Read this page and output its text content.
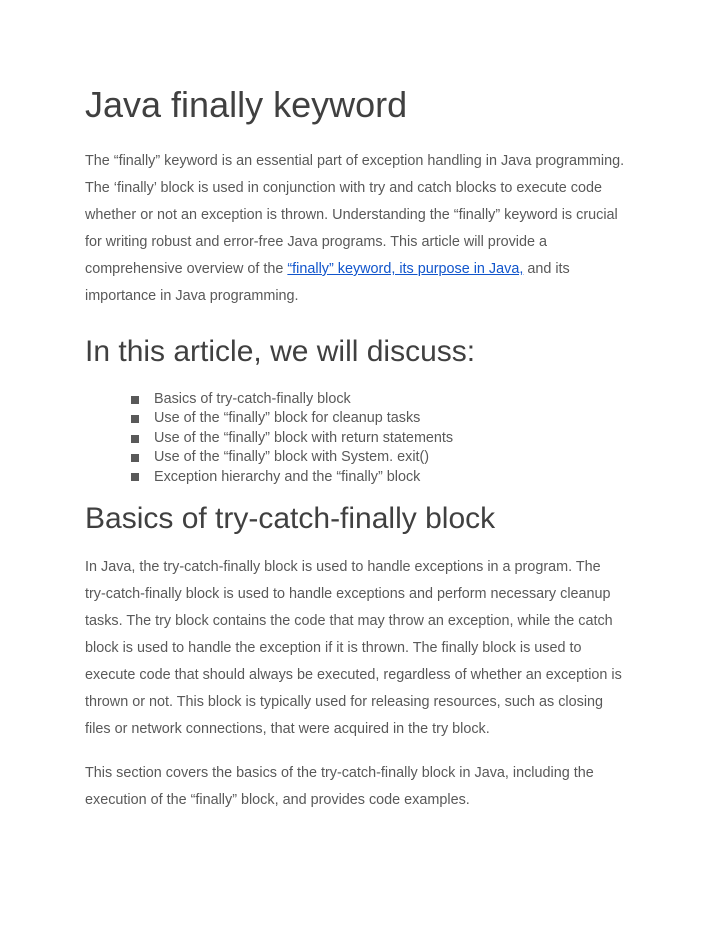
Java finally keyword

The “finally” keyword is an essential part of exception handling in Java programming.
The ‘finally’ block is used in conjunction with try and catch blocks to execute code
whether or not an exception is thrown. Understanding the “finally” keyword is crucial
for writing robust and error-free Java programs. This article will provide a
comprehensive overview of the “finally” keyword, its purpose in Java, and its
importance in Java programming.

In this article, we will discuss:
Basics of try-catch-finally block
Use of the “finally” block for cleanup tasks
Use of the “finally” block with return statements
Use of the “finally” block with System. exit()
Exception hierarchy and the “finally” block
Basics of try-catch-finally block

In Java, the try-catch-finally block is used to handle exceptions in a program. The
try-catch-finally block is used to handle exceptions and perform necessary cleanup
tasks. The try block contains the code that may throw an exception, while the catch
block is used to handle the exception if it is thrown. The finally block is used to
execute code that should always be executed, regardless of whether an exception is
thrown or not. This block is typically used for releasing resources, such as closing
files or network connections, that were acquired in the try block.

This section covers the basics of the try-catch-finally block in Java, including the
execution of the “finally” block, and provides code examples.
